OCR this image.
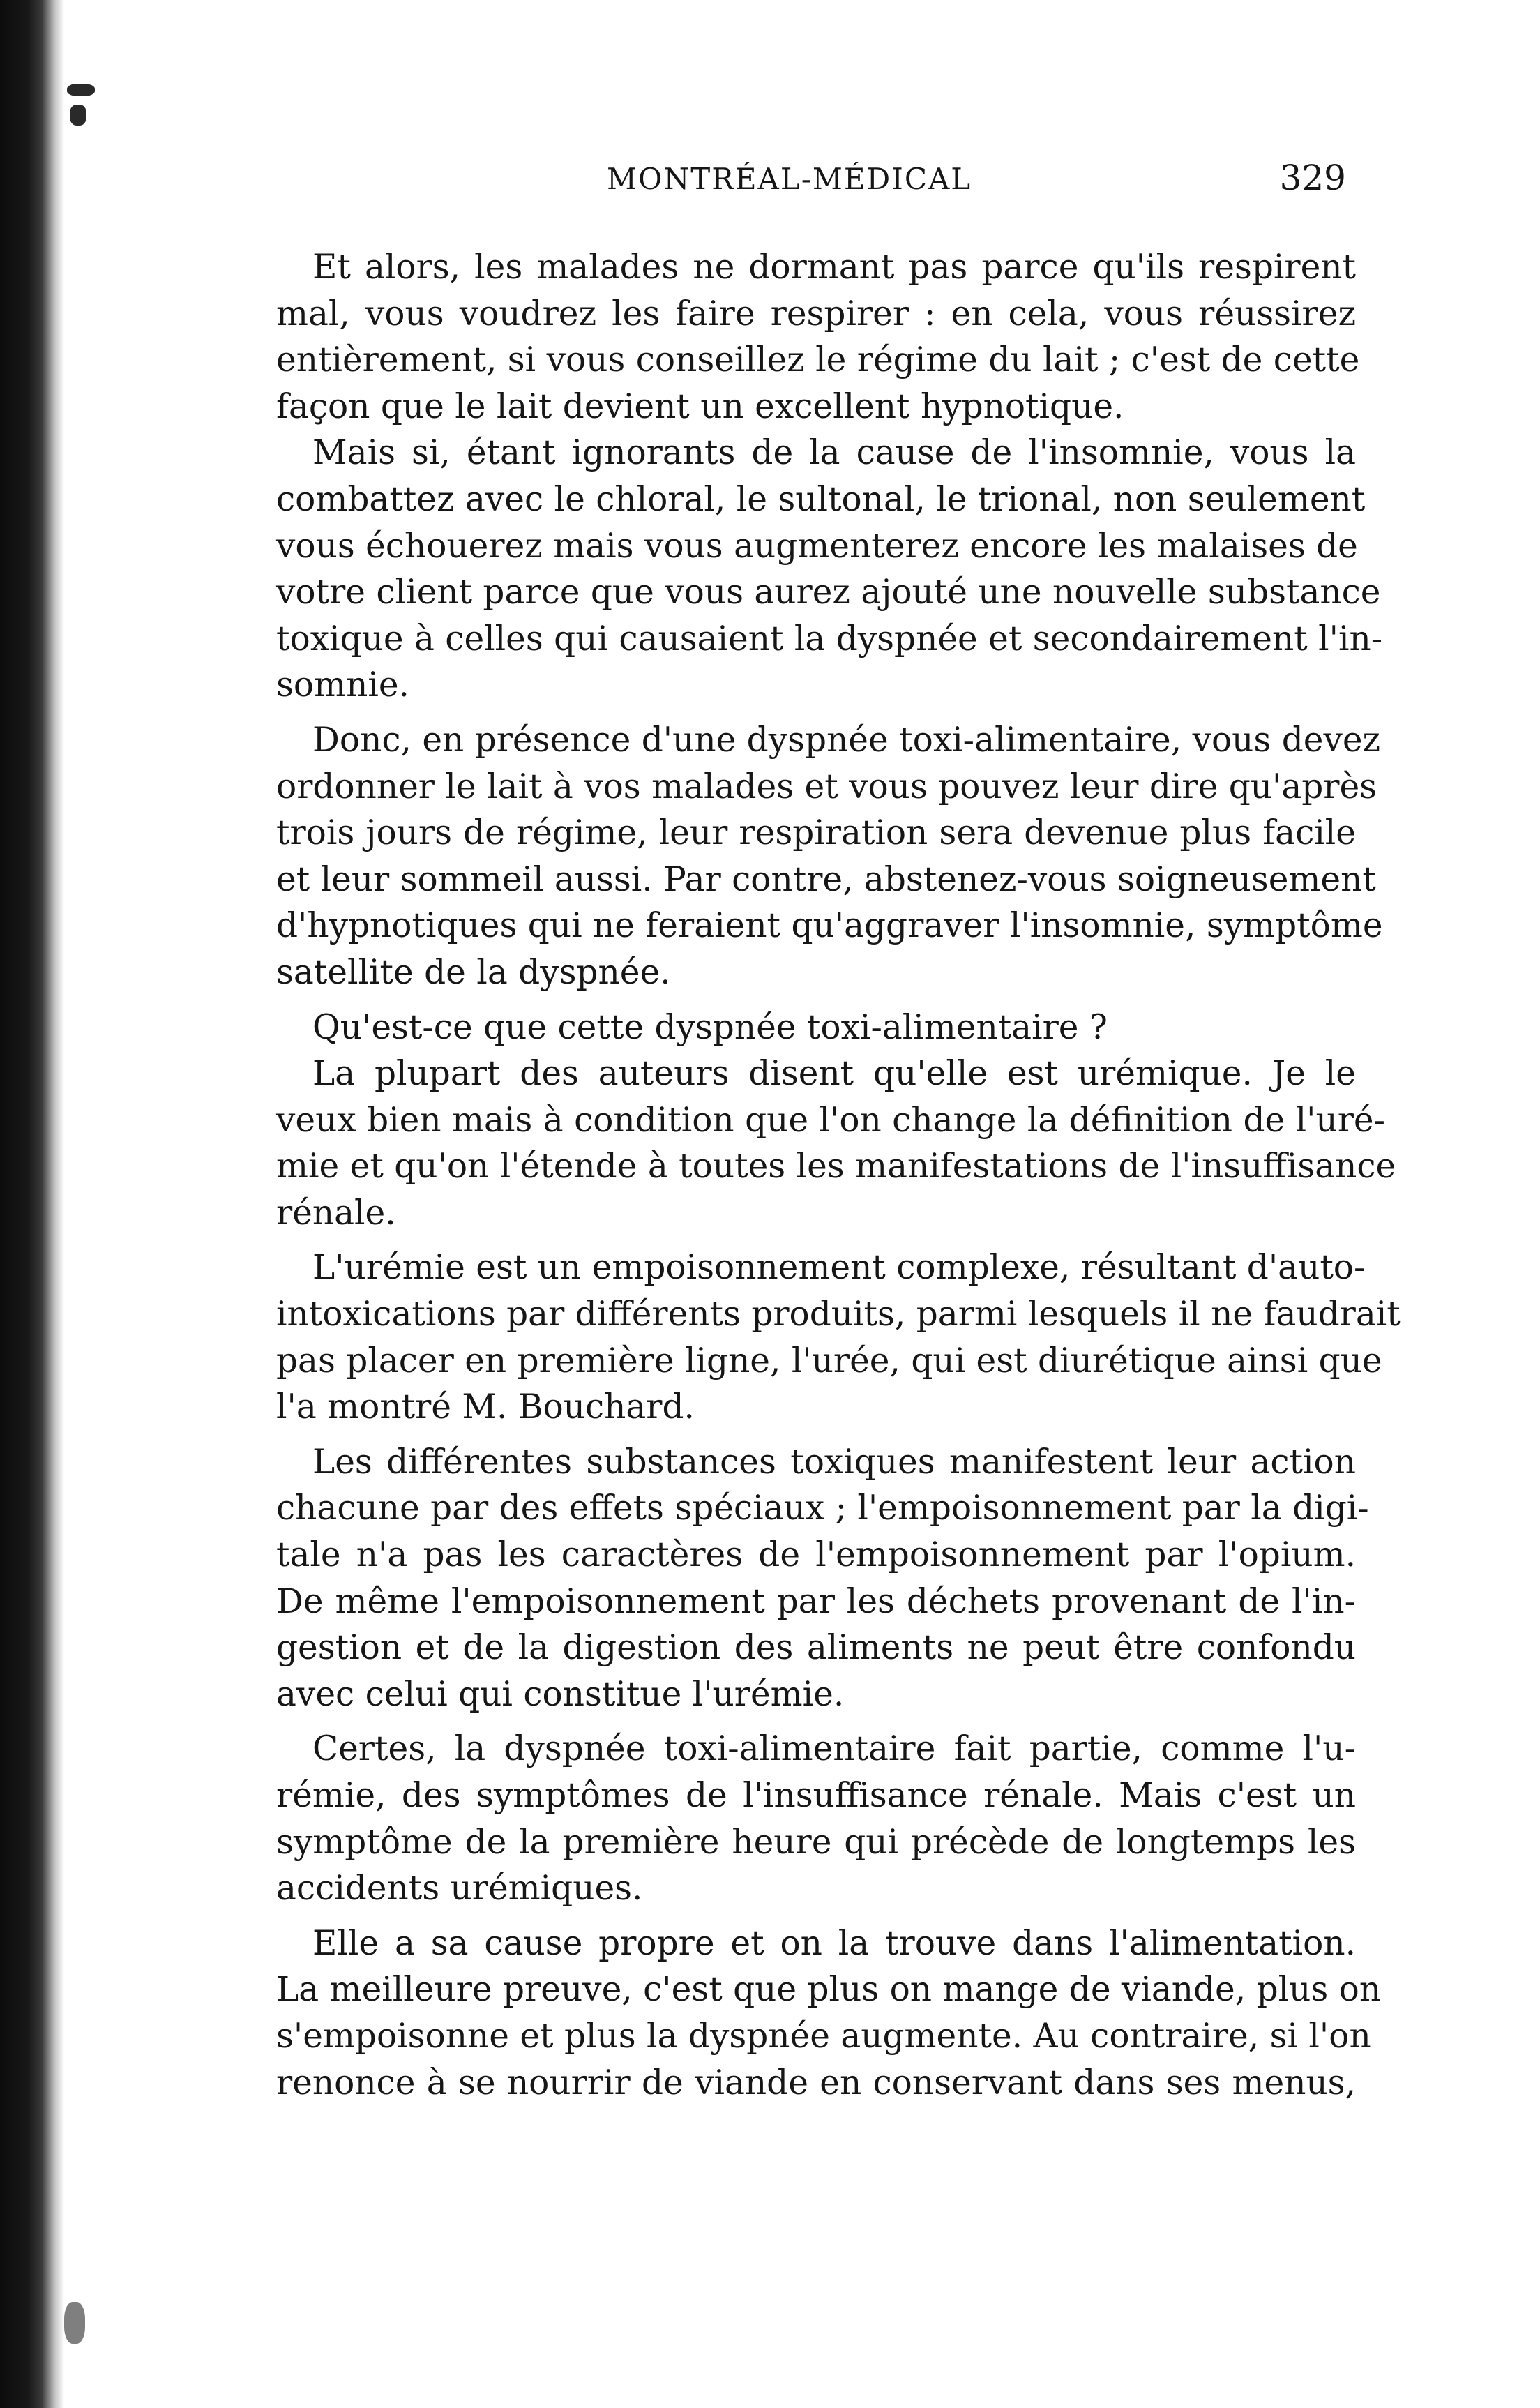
MONTRÉAL-MÉDICAL	329
Et alors, les malades ne dormant pas parce qu'ils respirent
mal, vous voudrez les faire respirer : en cela, vous réussirez
entièrement, si vous conseillez le régime du lait ; c'est de cette
façon que le lait devient un excellent hypnotique.
Mais si, étant ignorants de la cause de l'insomnie, vous la
combattez avec le chloral, le sultonal, le trional, non seulement
vous échouerez mais vous augmenterez encore les malaises de
votre client parce que vous aurez ajouté une nouvelle substance
toxique à celles qui causaient la dyspnée et secondairement l'in-
somnie.
Donc, en présence d'une dyspnée toxi-alimentaire, vous devez
ordonner le lait à vos malades et vous pouvez leur dire qu'après
trois jours de régime, leur respiration sera devenue plus facile
et leur sommeil aussi. Par contre, abstenez-vous soigneusement
d'hypnotiques qui ne feraient qu'aggraver l'insomnie, symptôme
satellite de la dyspnée.
Qu'est-ce que cette dyspnée toxi-alimentaire ?
La plupart des auteurs disent qu'elle est urémique. Je le
veux bien mais à condition que l'on change la définition de l'uré-
mie et qu'on l'étende à toutes les manifestations de l'insuffisance
rénale.
L'urémie est un empoisonnement complexe, résultant d'auto-
intoxications par différents produits, parmi lesquels il ne faudrait
pas placer en première ligne, l'urée, qui est diurétique ainsi que
l'a montré M. Bouchard.
Les différentes substances toxiques manifestent leur action
chacune par des effets spéciaux ; l'empoisonnement par la digi-
tale n'a pas les caractères de l'empoisonnement par l'opium.
De même l'empoisonnement par les déchets provenant de l'in-
gestion et de la digestion des aliments ne peut être confondu
avec celui qui constitue l'urémie.
Certes, la dyspnée toxi-alimentaire fait partie, comme l'u-
rémie, des symptômes de l'insuffisance rénale. Mais c'est un
symptôme de la première heure qui précède de longtemps les
accidents urémiques.
Elle a sa cause propre et on la trouve dans l'alimentation.
La meilleure preuve, c'est que plus on mange de viande, plus on
s'empoisonne et plus la dyspnée augmente. Au contraire, si l'on
renonce à se nourrir de viande en conservant dans ses menus,
